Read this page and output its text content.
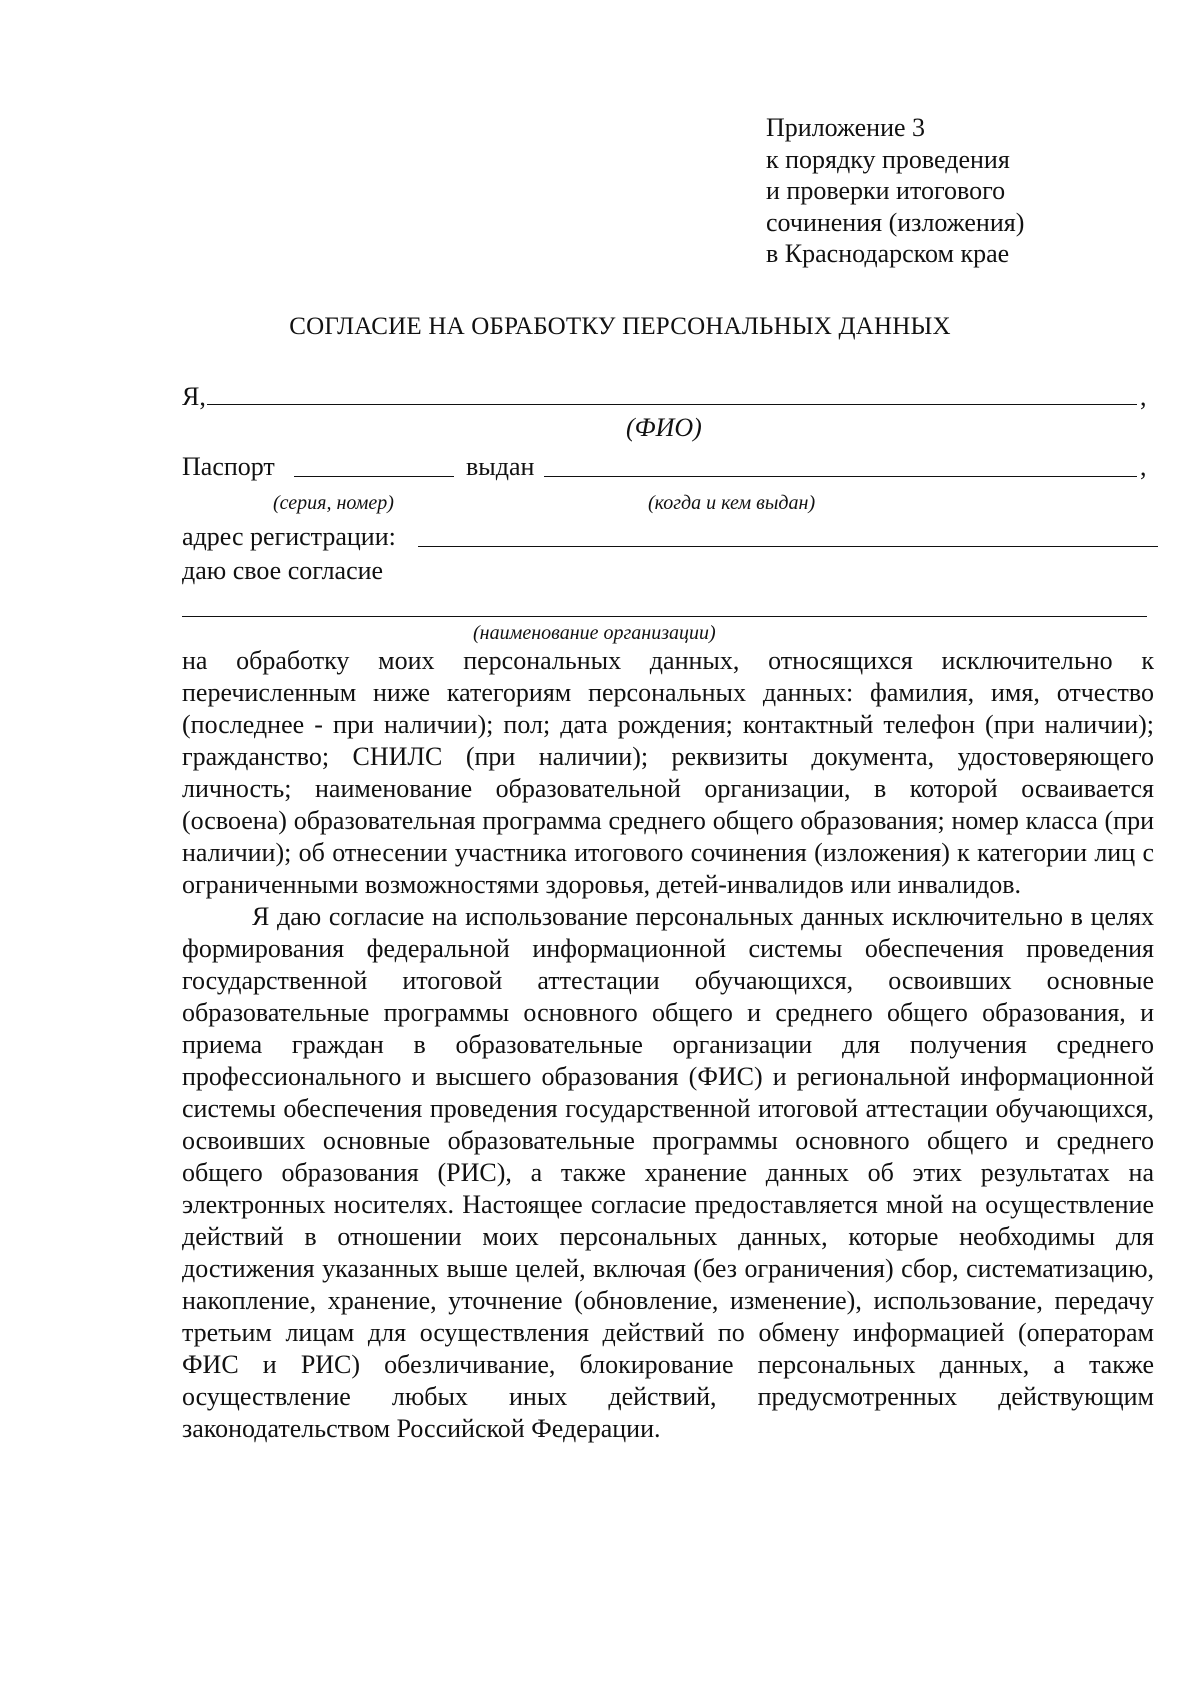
Приложение 3
к порядку проведения
и проверки итогового
сочинения (изложения)
в Краснодарском крае
СОГЛАСИЕ НА ОБРАБОТКУ ПЕРСОНАЛЬНЫХ ДАННЫХ
Я,	,
(ФИО)
Паспорт	выдан	,
(серия, номер)	(когда и кем выдан)
адрес регистрации:
даю свое согласие
(наименование организации)

на обработку моих персональных данных, относящихся исключительно к перечисленным ниже категориям персональных данных: фамилия, имя, отчество (последнее - при наличии); пол; дата рождения; контактный телефон (при наличии); гражданство; СНИЛС (при наличии); реквизиты документа, удостоверяющего личность; наименование образовательной организации, в которой осваивается (освоена) образовательная программа среднего общего образования; номер класса (при наличии); об отнесении участника итогового сочинения (изложения) к категории лиц с ограниченными возможностями здоровья, детей-инвалидов или инвалидов.

Я даю согласие на использование персональных данных исключительно в целях формирования федеральной информационной системы обеспечения проведения государственной итоговой аттестации обучающихся, освоивших основные образовательные программы основного общего и среднего общего образования, и приема граждан в образовательные организации для получения среднего профессионального и высшего образования (ФИС) и региональной информационной системы обеспечения проведения государственной итоговой аттестации обучающихся, освоивших основные образовательные программы основного общего и среднего общего образования (РИС), а также хранение данных об этих результатах на электронных носителях. Настоящее согласие предоставляется мной на осуществление действий в отношении моих персональных данных, которые необходимы для достижения указанных выше целей, включая (без ограничения) сбор, систематизацию, накопление, хранение, уточнение (обновление, изменение), использование, передачу третьим лицам для осуществления действий по обмену информацией (операторам ФИС и РИС) обезличивание, блокирование персональных данных, а также осуществление любых иных действий, предусмотренных действующим законодательством Российской Федерации.
